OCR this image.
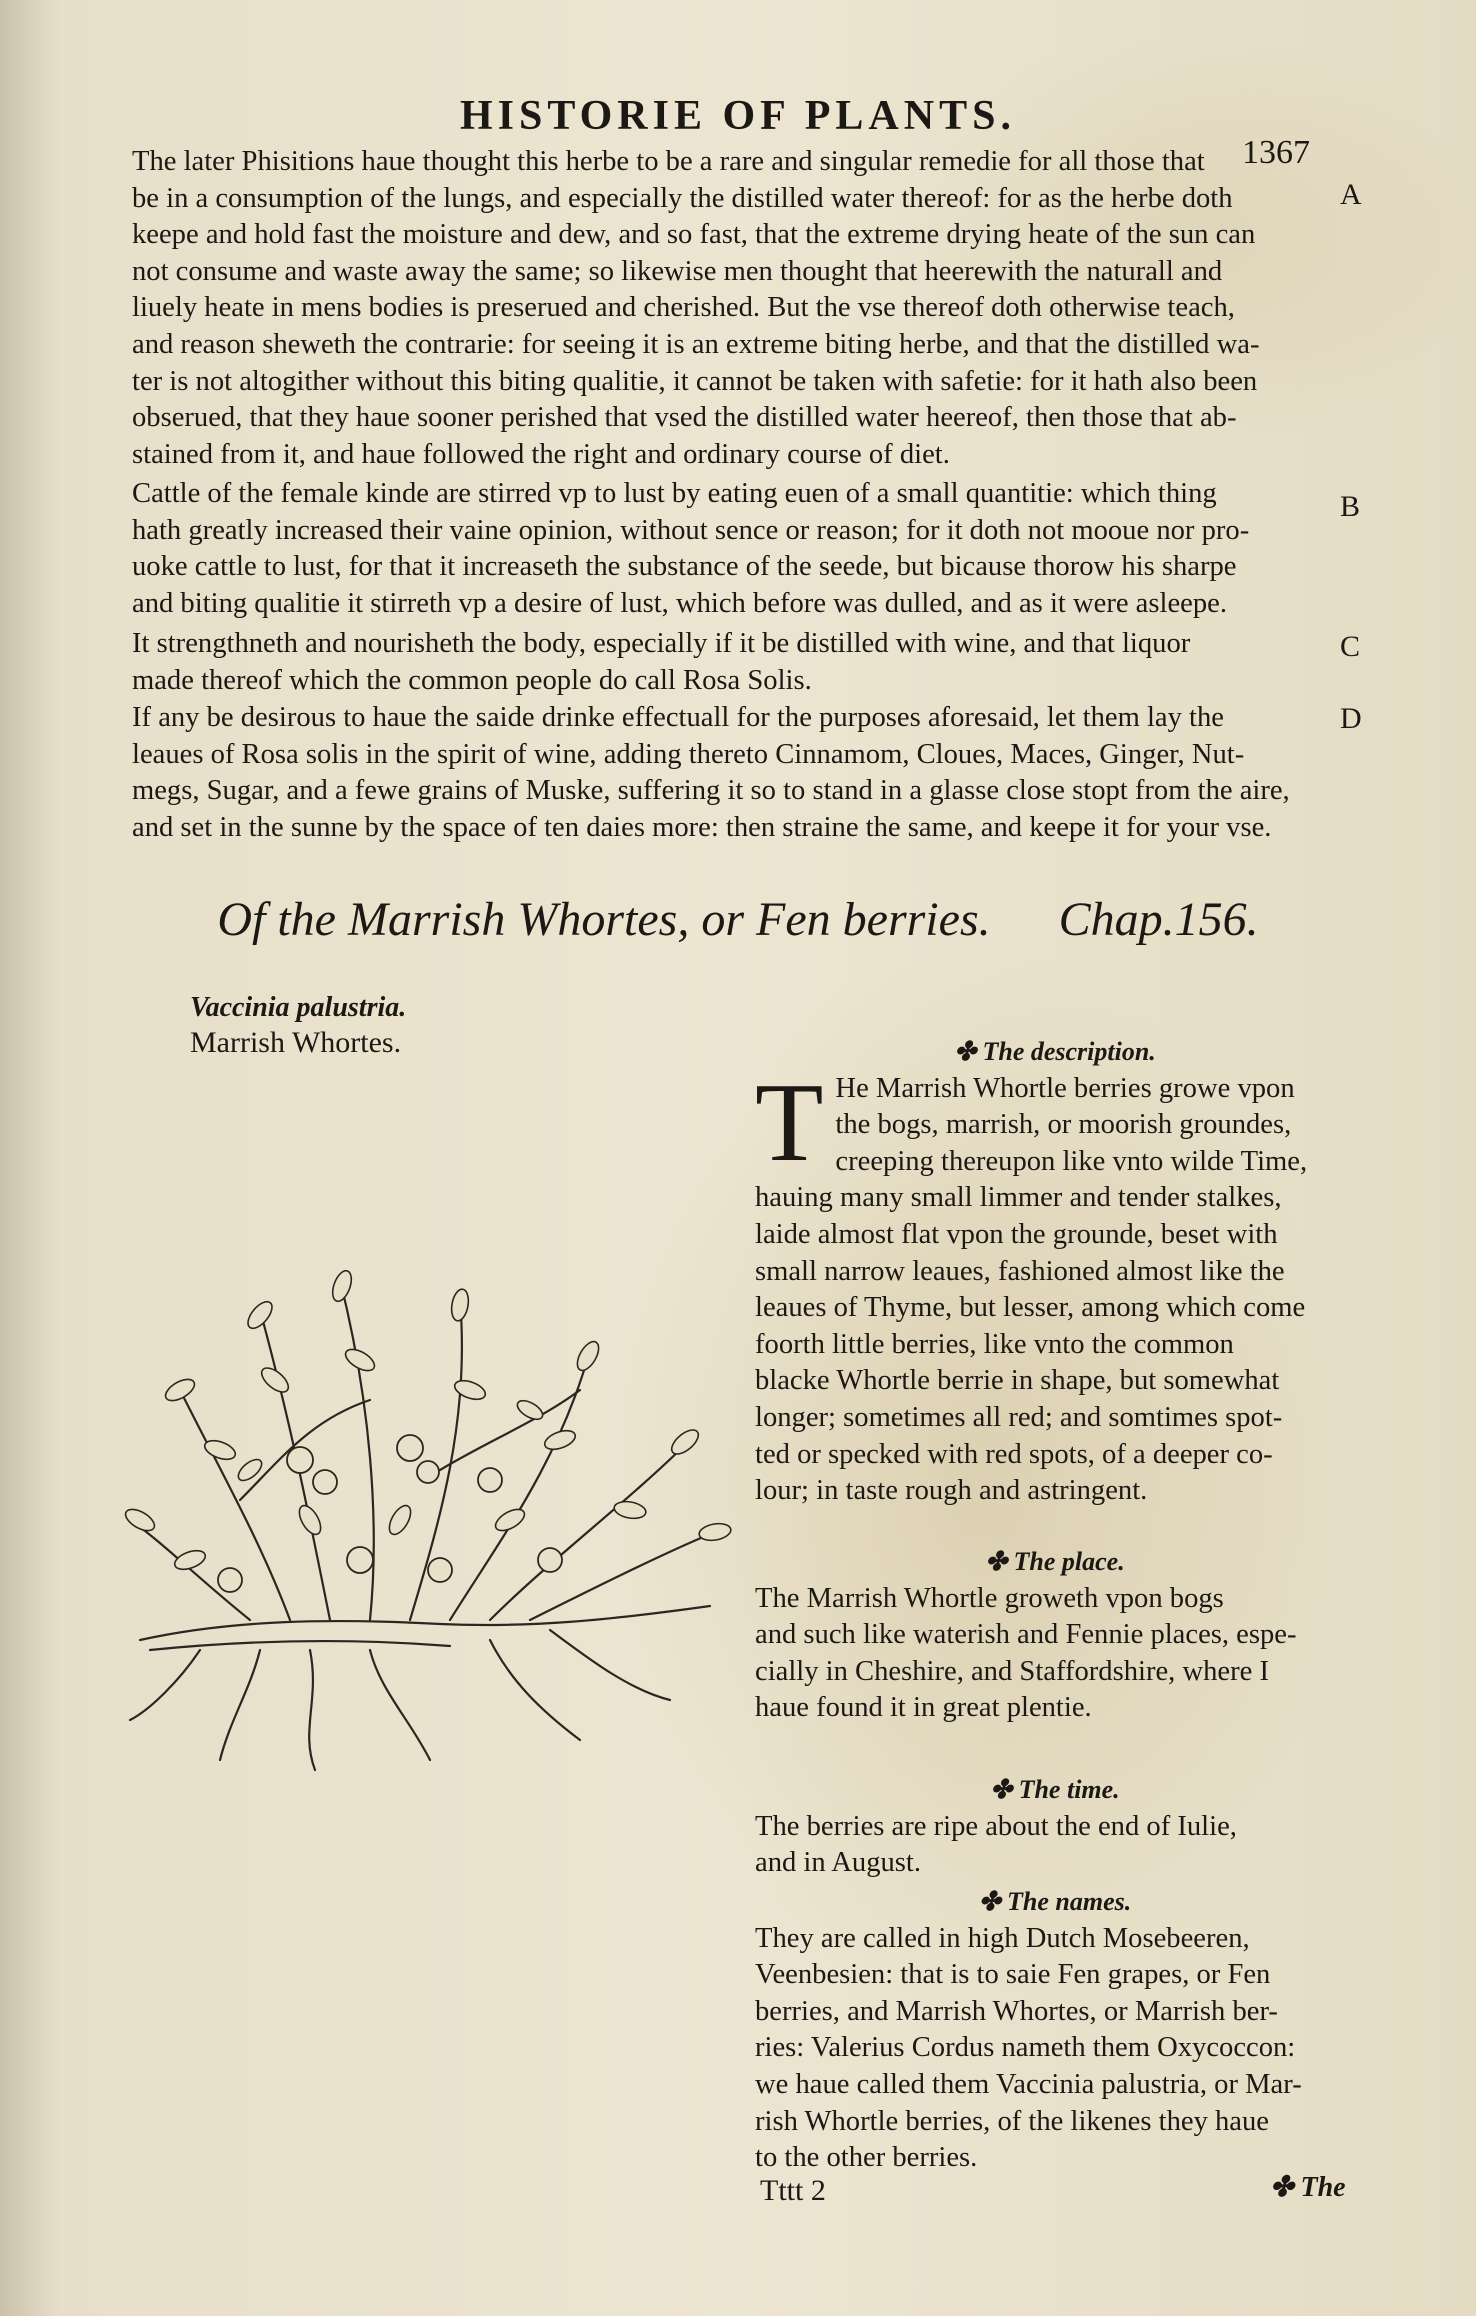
HISTORIE OF PLANTS.
1367
The later Phisitions haue thought this herbe to be a rare and singular remedie for all those that
be in a consumption of the lungs, and especially the distilled water thereof: for as the herbe doth
keepe and hold fast the moisture and dew, and so fast, that the extreme drying heate of the sun can
not consume and waste away the same; so likewise men thought that heerewith the naturall and
liuely heate in mens bodies is preserued and cherished. But the vse thereof doth otherwise teach,
and reason sheweth the contrarie: for seeing it is an extreme biting herbe, and that the distilled wa-
ter is not altogither without this biting qualitie, it cannot be taken with safetie: for it hath also been
obserued, that they haue sooner perished that vsed the distilled water heereof, then those that ab-
stained from it, and haue followed the right and ordinary course of diet.
A
Cattle of the female kinde are stirred vp to lust by eating euen of a small quantitie: which thing
hath greatly increased their vaine opinion, without sence or reason; for it doth not mooue nor pro-
uoke cattle to lust, for that it increaseth the substance of the seede, but bicause thorow his sharpe
and biting qualitie it stirreth vp a desire of lust, which before was dulled, and as it were asleepe.
B
It strengthneth and nourisheth the body, especially if it be distilled with wine, and that liquor
made thereof which the common people do call Rosa Solis.
C
If any be desirous to haue the saide drinke effectuall for the purposes aforesaid, let them lay the
leaues of Rosa solis in the spirit of wine, adding thereto Cinnamom, Cloues, Maces, Ginger, Nut-
megs, Sugar, and a fewe grains of Muske, suffering it so to stand in a glasse close stopt from the aire,
and set in the sunne by the space of ten daies more: then straine the same, and keepe it for your vse.
D
Of the Marrish Whortes, or Fen berries. Chap.156.
Vaccinia palustria.
Marrish Whortes.	✤ The description.
T He Marrish Whortle berries growe vpon
the bogs, marrish, or moorish groundes,
creeping thereupon like vnto wilde Time,
hauing many small limmer and tender stalkes,
laide almost flat vpon the grounde, beset with
small narrow leaues, fashioned almost like the
leaues of Thyme, but lesser, among which come
foorth little berries, like vnto the common
blacke Whortle berrie in shape, but somewhat
longer; sometimes all red; and somtimes spot-
ted or specked with red spots, of a deeper co-
lour; in taste rough and astringent.
✤ The place.
The Marrish Whortle groweth vpon bogs
and such like waterish and Fennie places, espe-
cially in Cheshire, and Staffordshire, where I
haue found it in great plentie.
✤ The time.
The berries are ripe about the end of Iulie,
and in August.
✤ The names.
They are called in high Dutch Mosebeeren,
Veenbesien: that is to saie Fen grapes, or Fen
berries, and Marrish Whortes, or Marrish ber-
ries: Valerius Cordus nameth them Oxycoccon:
we haue called them Vaccinia palustria, or Mar-
rish Whortle berries, of the likenes they haue
to the other berries.
Tttt 2	✤ The
